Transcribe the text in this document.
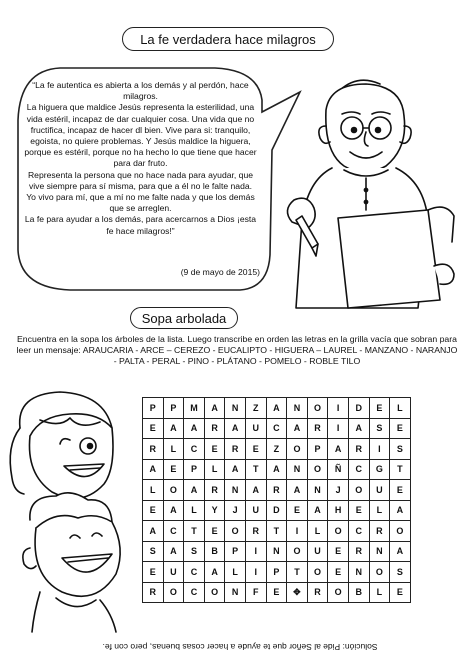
La fe verdadera hace milagros

“La fe autentica es abierta a los demás y al perdón, hace milagros.

La higuera que maldice Jesús representa la esterilidad, una vida estéril, incapaz de dar cualquier cosa. Una vida que no fructifica, incapaz de hacer dl bien. Vive para si: tranquilo, egoista, no quiere problemas. Y Jesús maldice la higuera, porque es estéril, porque no ha hecho lo que tiene que hacer para dar fruto.

Representa la persona que no hace nada para ayudar, que vive siempre para sí misma, para que a él no le falte nada. Yo vivo para mí, que a mí no me falte nada y que los demás que se arreglen.

La fe para ayudar a los demás, para acercarnos a Dios ¡esta fe hace milagros!”

(9 de mayo de 2015)
Sopa arbolada
Encuentra en la sopa los árboles de la lista. Luego transcribe en orden las letras en la grilla vacía que sobran para leer un mensaje: ARAUCARIA - ARCE – CEREZO - EUCALIPTO - HIGUERA – LAUREL - MANZANO - NARANJO - PALTA - PERAL - PINO - PLÁTANO - POMELO - ROBLE TILO
P	P	M	A	N	Z	A	N	O	I	D	E	L
E	A	A	R	A	U	C	A	R	I	A	S	E
R	L	C	E	R	E	Z	O	P	A	R	I	S
A	E	P	L	A	T	A	N	O	Ñ	C	G	T
L	O	A	R	N	A	R	A	N	J	O	U	E
E	A	L	Y	J	U	D	E	A	H	E	L	A
A	C	T	E	O	R	T	I	L	O	C	R	O
S	A	S	B	P	I	N	O	U	E	R	N	A
E	U	C	A	L	I	P	T	O	E	N	O	S
R	O	C	O	N	F	E	✥	R	O	B	L	E
Solución: Pide al Señor que te ayude a hacer cosas buenas, pero con fe.
